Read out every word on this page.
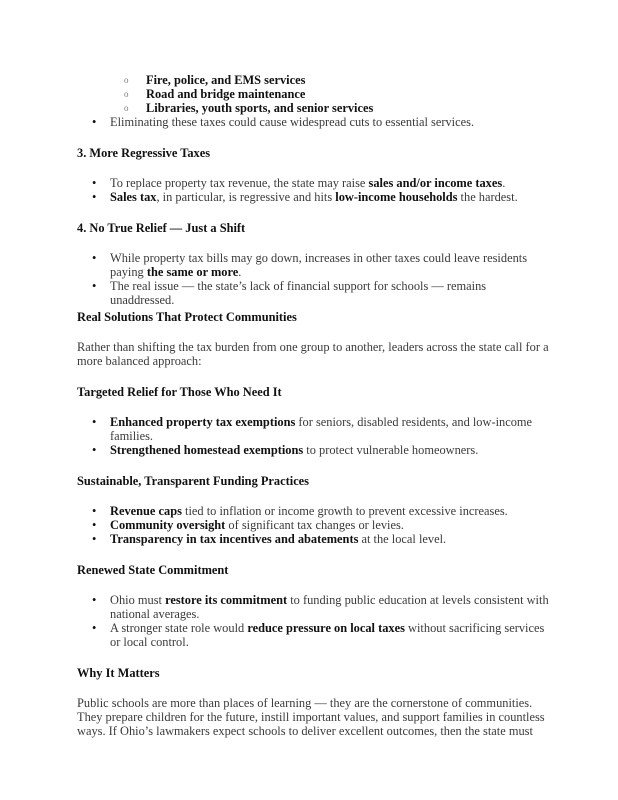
o Fire, police, and EMS services
o Road and bridge maintenance
o Libraries, youth sports, and senior services
• Eliminating these taxes could cause widespread cuts to essential services.
3. More Regressive Taxes
• To replace property tax revenue, the state may raise sales and/or income taxes.
• Sales tax, in particular, is regressive and hits low-income households the hardest.
4. No True Relief — Just a Shift
• While property tax bills may go down, increases in other taxes could leave residents paying the same or more.
• The real issue — the state’s lack of financial support for schools — remains unaddressed.
Real Solutions That Protect Communities
Rather than shifting the tax burden from one group to another, leaders across the state call for a more balanced approach:
Targeted Relief for Those Who Need It
• Enhanced property tax exemptions for seniors, disabled residents, and low-income families.
• Strengthened homestead exemptions to protect vulnerable homeowners.
Sustainable, Transparent Funding Practices
• Revenue caps tied to inflation or income growth to prevent excessive increases.
• Community oversight of significant tax changes or levies.
• Transparency in tax incentives and abatements at the local level.
Renewed State Commitment
• Ohio must restore its commitment to funding public education at levels consistent with national averages.
• A stronger state role would reduce pressure on local taxes without sacrificing services or local control.
Why It Matters
Public schools are more than places of learning — they are the cornerstone of communities. They prepare children for the future, instill important values, and support families in countless ways. If Ohio’s lawmakers expect schools to deliver excellent outcomes, then the state must
